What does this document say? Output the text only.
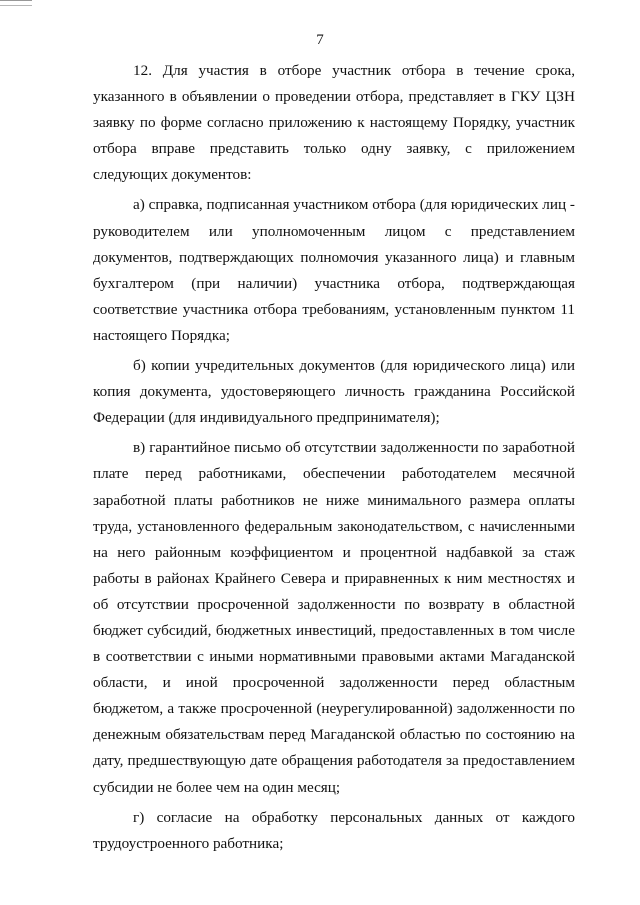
7

12. Для участия в отборе участник отбора в течение срока, указанного в объявлении о проведении отбора, представляет в ГКУ ЦЗН заявку по форме согласно приложению к настоящему Порядку, участник отбора вправе представить только одну заявку, с приложением следующих документов:

а) справка, подписанная участником отбора (для юридических лиц - руководителем или уполномоченным лицом с представлением документов, подтверждающих полномочия указанного лица) и главным бухгалтером (при наличии) участника отбора, подтверждающая соответствие участника отбора требованиям, установленным пунктом 11 настоящего Порядка;

б) копии учредительных документов (для юридического лица) или копия документа, удостоверяющего личность гражданина Российской Федерации (для индивидуального предпринимателя);

в) гарантийное письмо об отсутствии задолженности по заработной плате перед работниками, обеспечении работодателем месячной заработной платы работников не ниже минимального размера оплаты труда, установленного федеральным законодательством, с начисленными на него районным коэффициентом и процентной надбавкой за стаж работы в районах Крайнего Севера и приравненных к ним местностях и об отсутствии просроченной задолженности по возврату в областной бюджет субсидий, бюджетных инвестиций, предоставленных в том числе в соответствии с иными нормативными правовыми актами Магаданской области, и иной просроченной задолженности перед областным бюджетом, а также просроченной (неурегулированной) задолженности по денежным обязательствам перед Магаданской областью по состоянию на дату, предшествующую дате обращения работодателя за предоставлением субсидии не более чем на один месяц;

г) согласие на обработку персональных данных от каждого трудоустроенного работника;
